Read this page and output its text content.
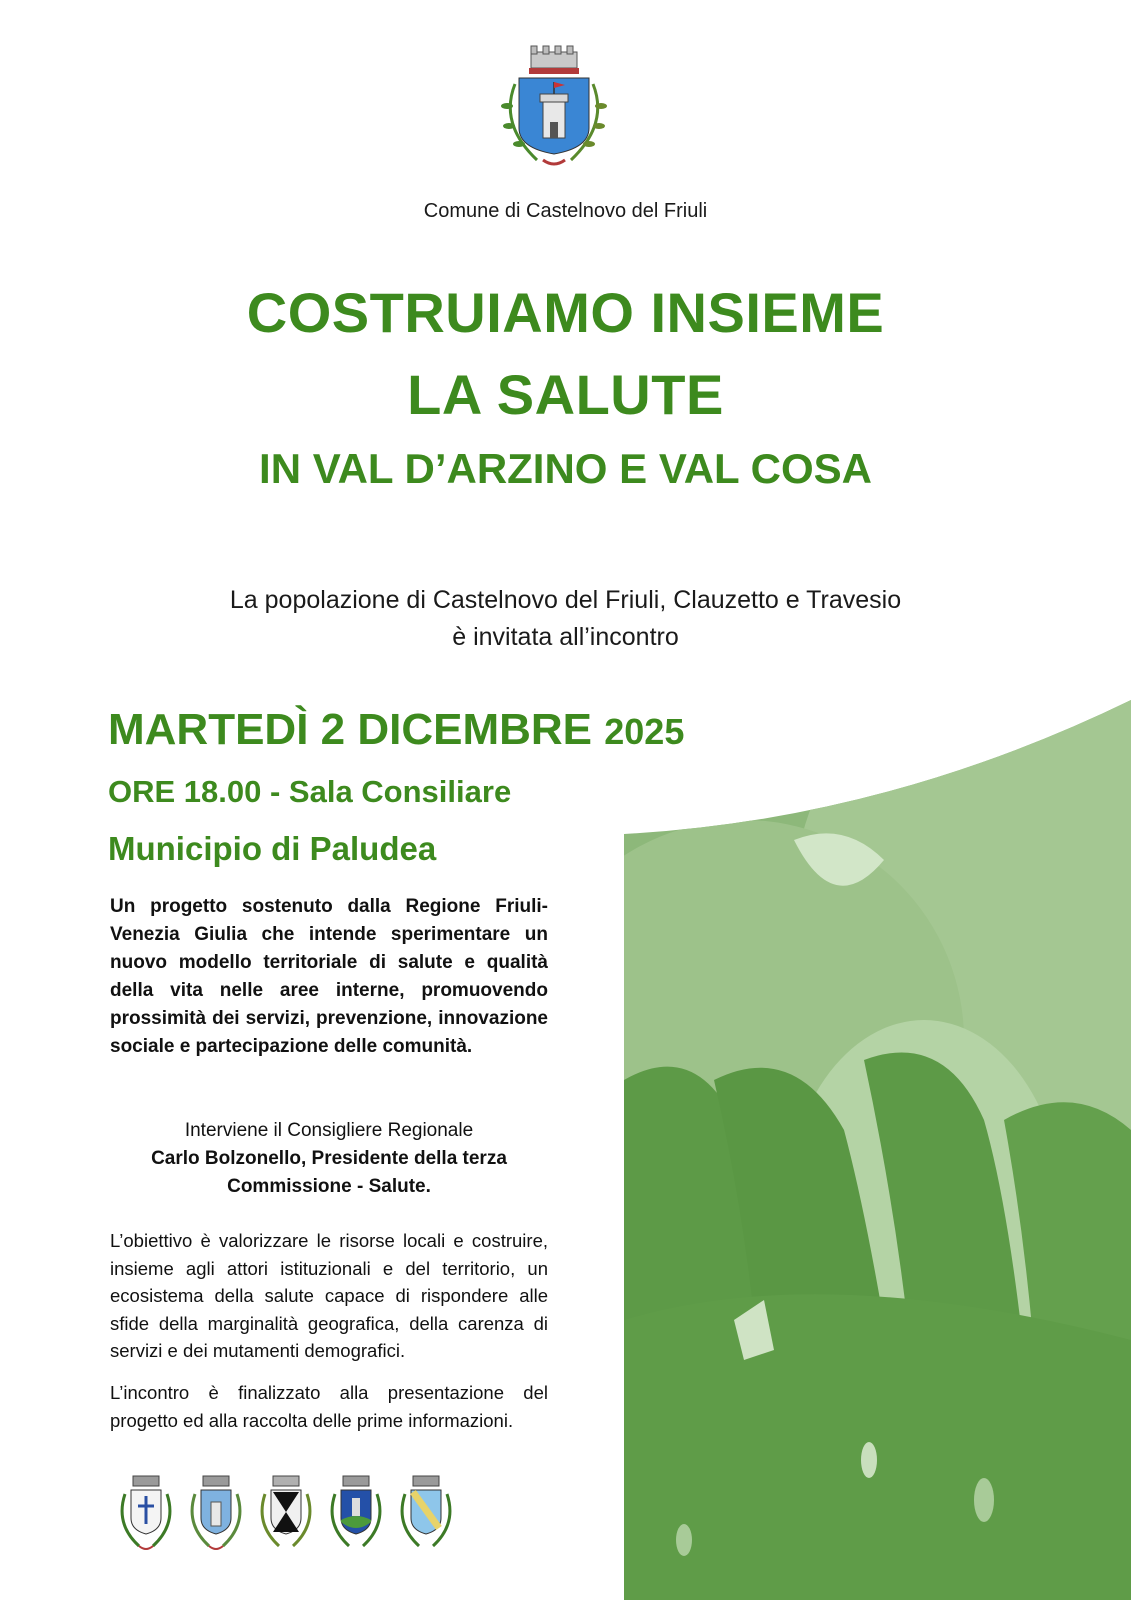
Comune di Castelnovo del Friuli
COSTRUIAMO INSIEME
LA SALUTE
IN VAL D’ARZINO E VAL COSA
La popolazione di Castelnovo del Friuli, Clauzetto e Travesio
è invitata all’incontro
MARTEDÌ 2 DICEMBRE 2025
ORE 18.00 - Sala Consiliare
Municipio di Paludea
Un progetto sostenuto dalla Regione Friuli-Venezia Giulia che intende sperimentare un nuovo modello territoriale di salute e qualità della vita nelle aree interne, promuovendo prossimità dei servizi, prevenzione, innovazione sociale e partecipazione delle comunità.
Interviene il Consigliere Regionale
Carlo Bolzonello, Presidente della terza Commissione - Salute.
L’obiettivo è valorizzare le risorse locali e costruire, insieme agli attori istituzionali e del territorio, un ecosistema della salute capace di rispondere alle sfide della marginalità geografica, della carenza di servizi e dei mutamenti demografici.
L’incontro è finalizzato alla presentazione del progetto ed alla raccolta delle prime informazioni.
